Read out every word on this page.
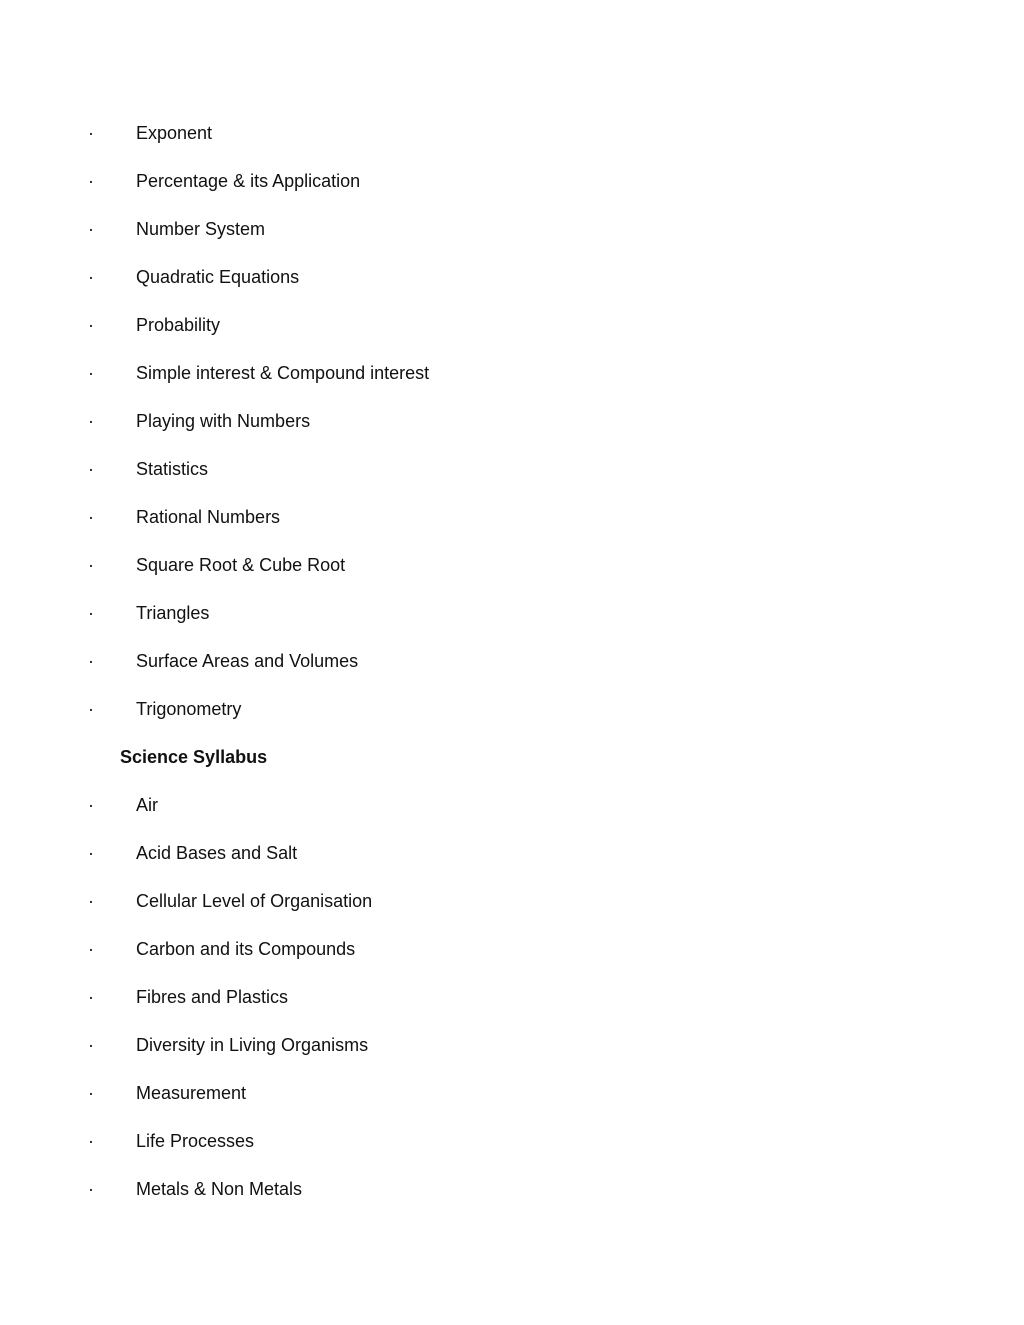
·	Exponent
·	Percentage & its Application
·	Number System
·	Quadratic Equations
·	Probability
·	Simple interest & Compound interest
·	Playing with Numbers
·	Statistics
·	Rational Numbers
·	Square Root & Cube Root
·	Triangles
·	Surface Areas and Volumes
·	Trigonometry
Science Syllabus
·	Air
·	Acid Bases and Salt
·	Cellular Level of Organisation
·	Carbon and its Compounds
·	Fibres and Plastics
·	Diversity in Living Organisms
·	Measurement
·	Life Processes
·	Metals & Non Metals
